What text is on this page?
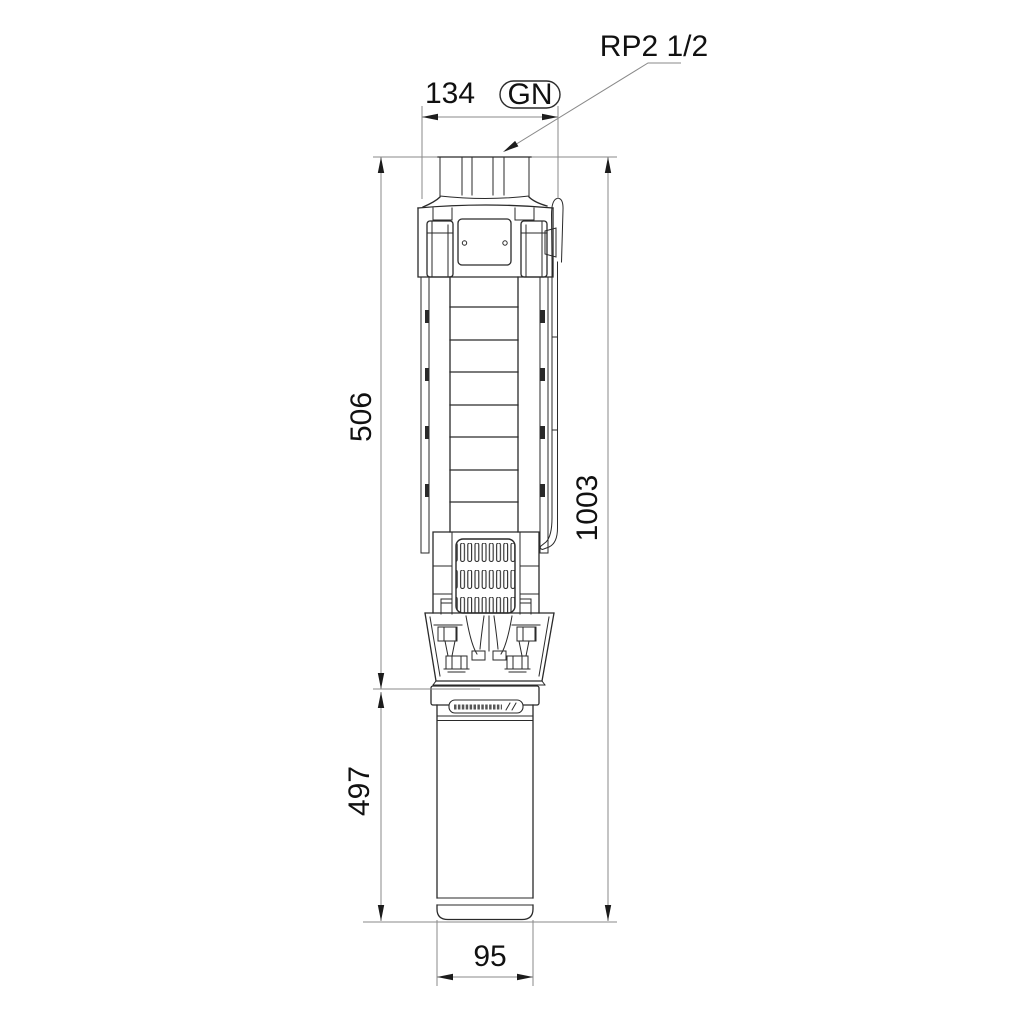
RP2 1/2
134 GN
506
497
1003
95
